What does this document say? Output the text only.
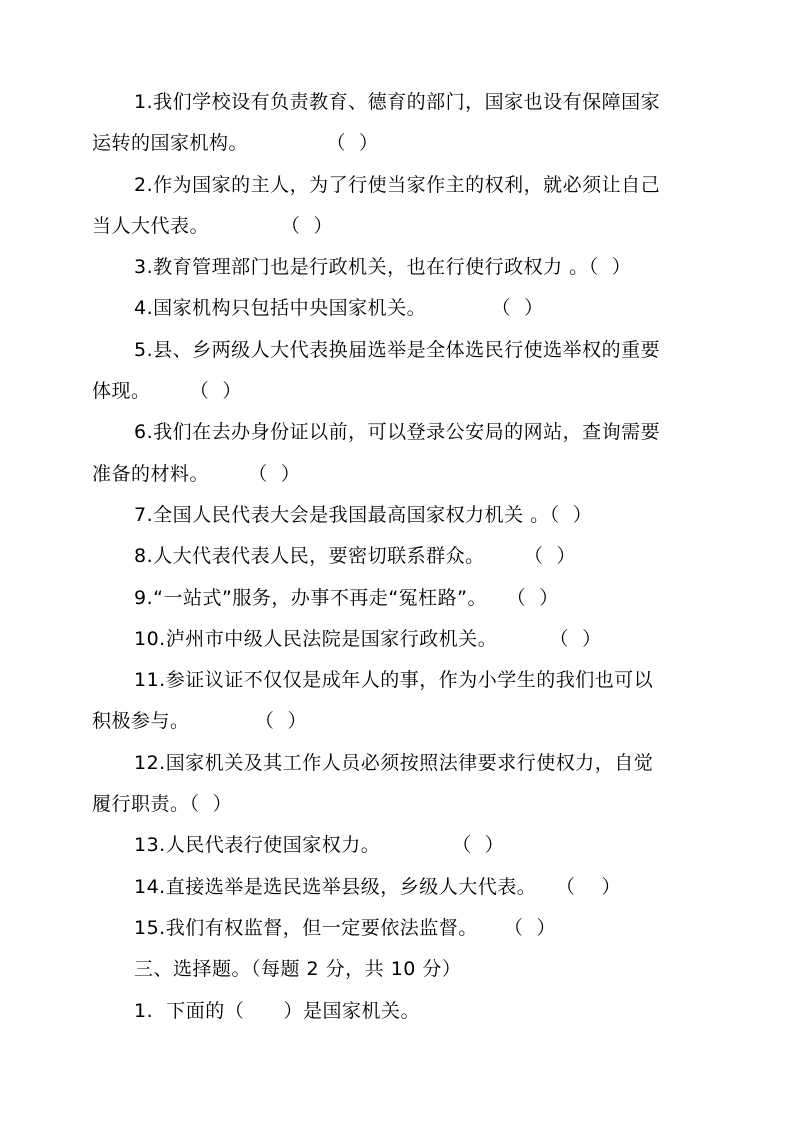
1.我们学校设有负责教育、德育的部门，国家也设有保障国家
运转的国家机构。            （  ）
2.作为国家的主人，为了行使当家作主的权利，就必须让自己
当人大代表。           （  ）
3.教育管理部门也是行政机关，也在行使行政权力 。（  ）
4.国家机构只包括中央国家机关。          （  ）
5.县、乡两级人大代表换届选举是全体选民行使选举权的重要
体现。      （  ）
6.我们在去办身份证以前，可以登录公安局的网站，查询需要
准备的材料。      （  ）
7.全国人民代表大会是我国最高国家权力机关 。（  ）
8.人大代表代表人民，要密切联系群众。      （  ）
9.“一站式”服务，办事不再走“冤枉路”。   （  ）
10.泸州市中级人民法院是国家行政机关。        （  ）
11.参证议证不仅仅是成年人的事，作为小学生的我们也可以
积极参与。          （  ）
12.国家机关及其工作人员必须按照法律要求行使权力，自觉
履行职责。（  ）
13.人民代表行使国家权力。           （  ）
14.直接选举是选民选举县级，乡级人大代表。   （    ）
15.我们有权监督，但一定要依法监督。    （  ）
三、选择题。（每题 2 分，共 10 分）
1.  下面的（      ）是国家机关。
